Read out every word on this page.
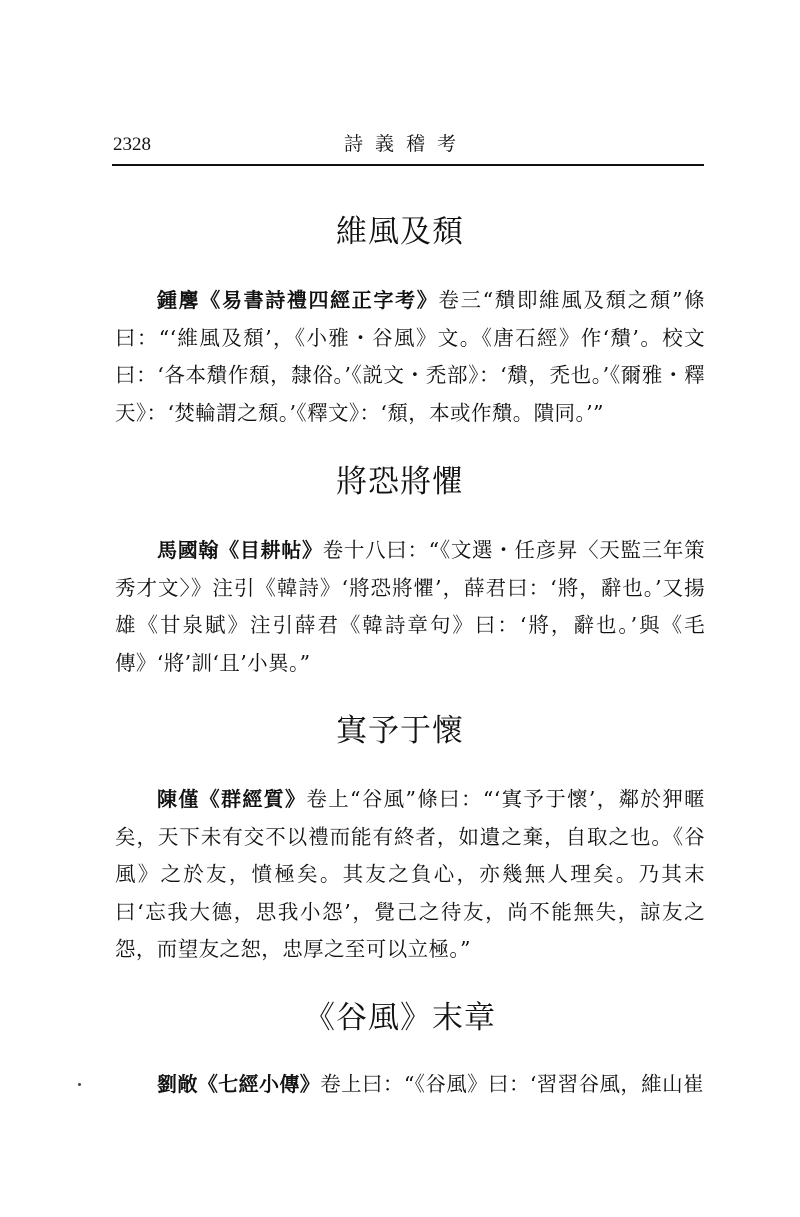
2328	詩義稽考
維風及頹
鍾麐《易書詩禮四經正字考》卷三“穨即維風及頹之頹”條曰：“‘維風及頹’，《小雅・谷風》文。《唐石經》作‘穨’。校文曰：‘各本穨作頹，隸俗。’《説文・禿部》：‘穨，禿也。’《爾雅・釋天》：‘焚輪謂之頹。’《釋文》：‘頹，本或作穨。隤同。’”
將恐將懼
馬國翰《目耕帖》卷十八曰：“《文選・任彦昇〈天監三年策秀才文〉》注引《韓詩》‘將恐將懼’，薛君曰：‘將，辭也。’又揚雄《甘泉賦》注引薛君《韓詩章句》曰：‘將，辭也。’與《毛傳》‘將’訓‘且’小異。”
寘予于懷
陳僅《群經質》卷上“谷風”條曰：“‘寘予于懷’，鄰於狎暱矣，天下未有交不以禮而能有終者，如遺之棄，自取之也。《谷風》之於友，憤極矣。其友之負心，亦幾無人理矣。乃其末曰‘忘我大德，思我小怨’，覺己之待友，尚不能無失，諒友之怨，而望友之恕，忠厚之至可以立極。”
《谷風》末章
劉敞《七經小傳》卷上曰：“《谷風》曰：‘習習谷風，維山崔
